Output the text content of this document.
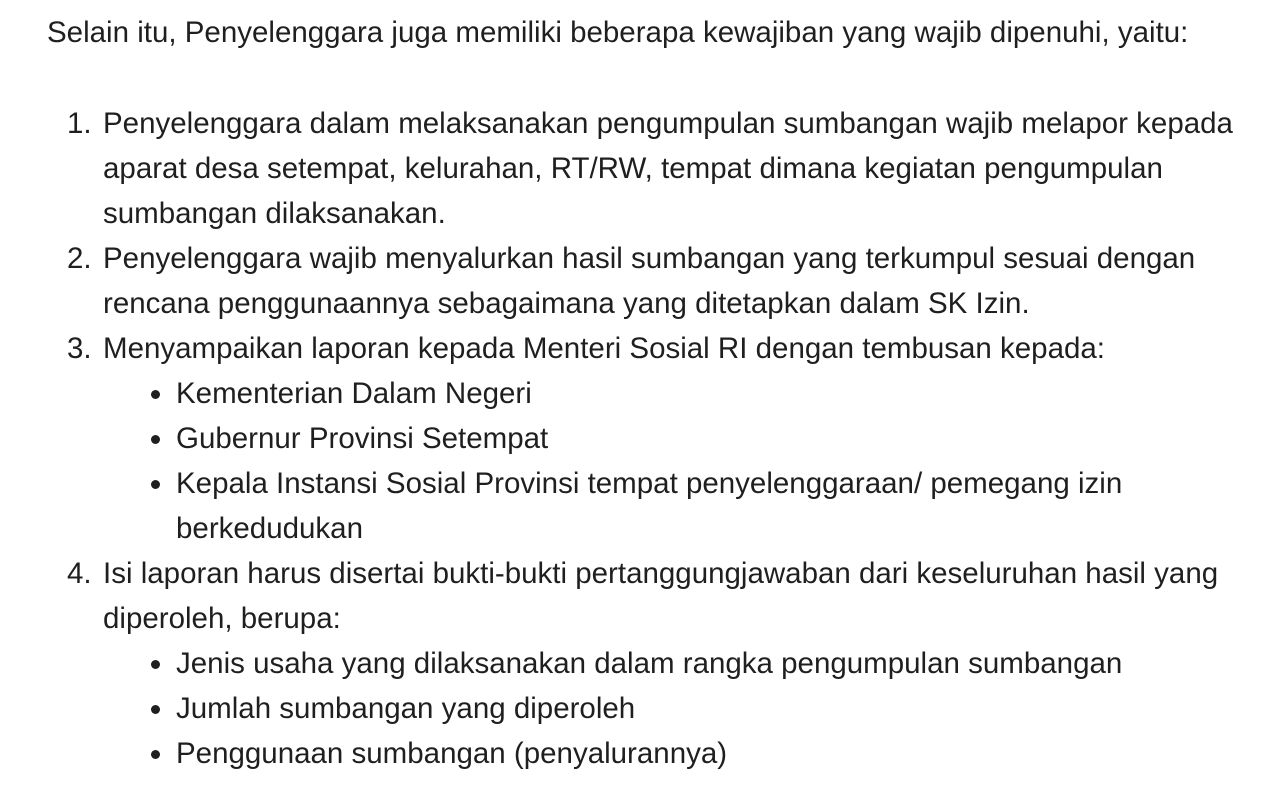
Selain itu, Penyelenggara juga memiliki beberapa kewajiban yang wajib dipenuhi, yaitu:

1. Penyelenggara dalam melaksanakan pengumpulan sumbangan wajib melapor kepada aparat desa setempat, kelurahan, RT/RW, tempat dimana kegiatan pengumpulan sumbangan dilaksanakan.
2. Penyelenggara wajib menyalurkan hasil sumbangan yang terkumpul sesuai dengan rencana penggunaannya sebagaimana yang ditetapkan dalam SK Izin.
3. Menyampaikan laporan kepada Menteri Sosial RI dengan tembusan kepada:
Kementerian Dalam Negeri
Gubernur Provinsi Setempat
Kepala Instansi Sosial Provinsi tempat penyelenggaraan/ pemegang izin berkedudukan
4. Isi laporan harus disertai bukti-bukti pertanggungjawaban dari keseluruhan hasil yang diperoleh, berupa:
Jenis usaha yang dilaksanakan dalam rangka pengumpulan sumbangan
Jumlah sumbangan yang diperoleh
Penggunaan sumbangan (penyalurannya)
